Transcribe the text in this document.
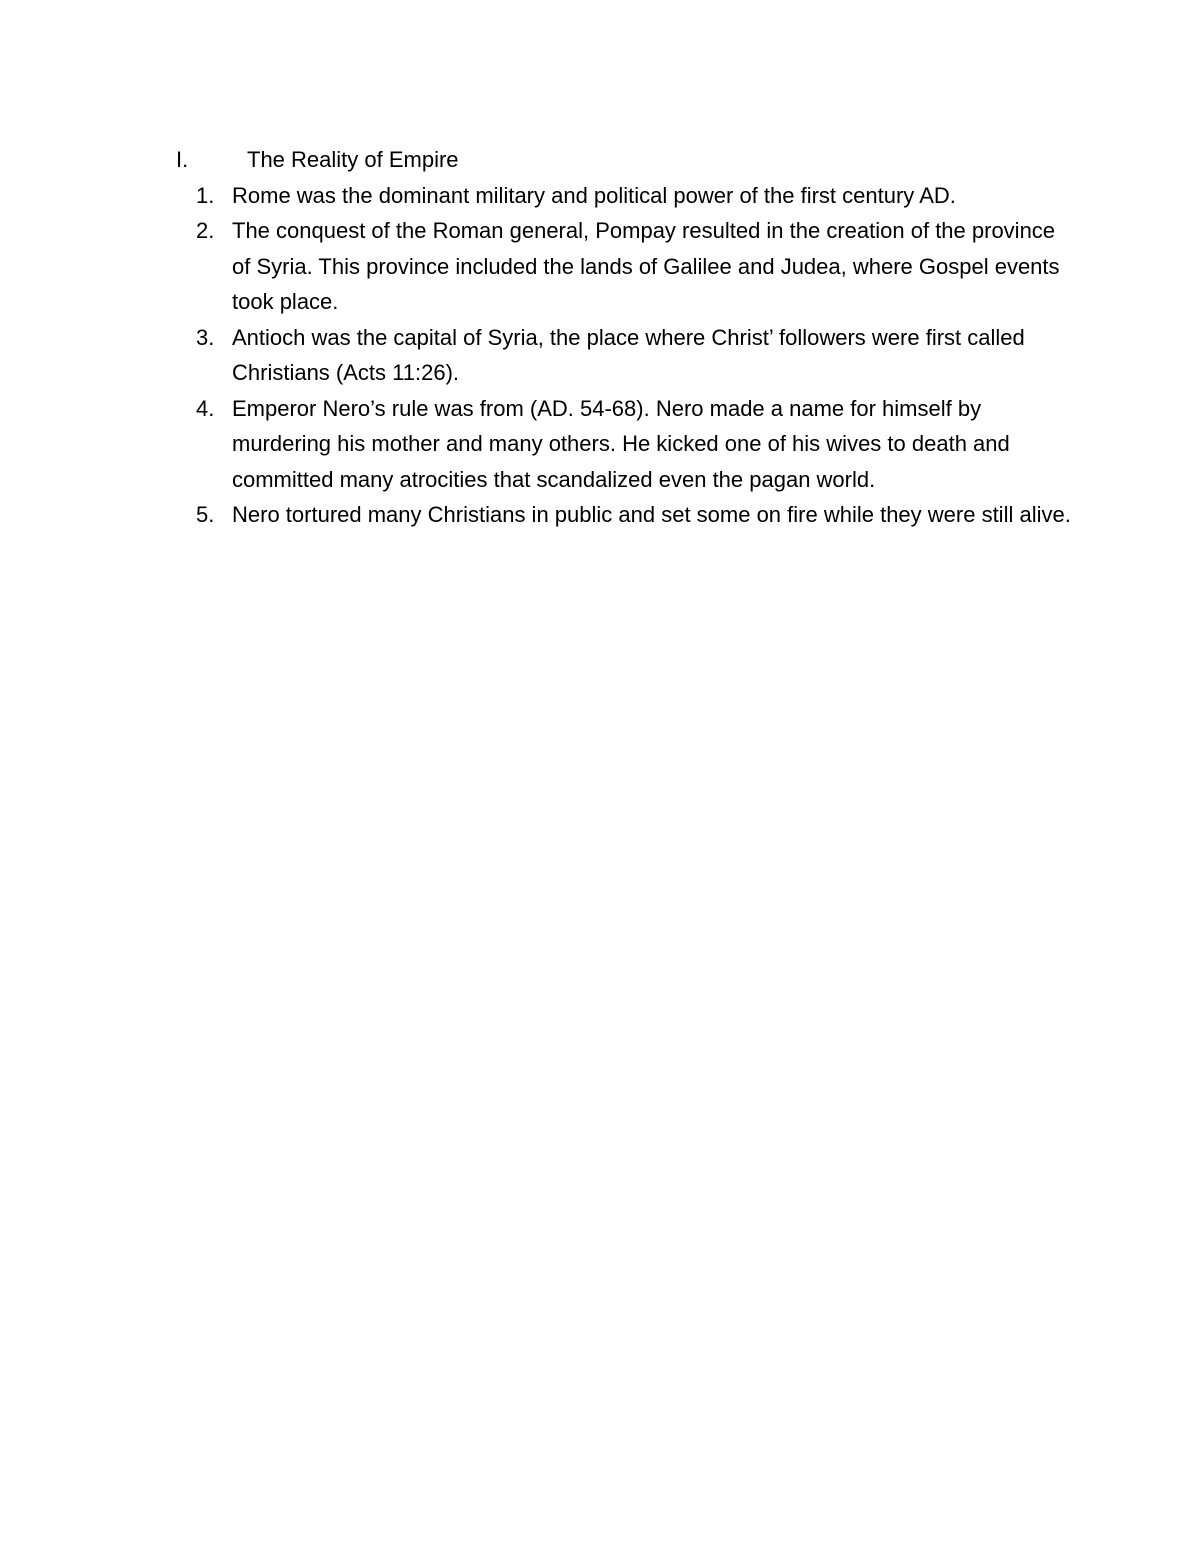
I.	The Reality of Empire
1. Rome was the dominant military and political power of the first century AD.
2. The conquest of the Roman general, Pompay resulted in the creation of the province of Syria. This province included the lands of Galilee and Judea, where Gospel events took place.
3. Antioch was the capital of Syria, the place where Christ’ followers were first called Christians (Acts 11:26).
4. Emperor Nero’s rule was from (AD. 54-68). Nero made a name for himself by murdering his mother and many others. He kicked one of his wives to death and committed many atrocities that scandalized even the pagan world.
5. Nero tortured many Christians in public and set some on fire while they were still alive.
